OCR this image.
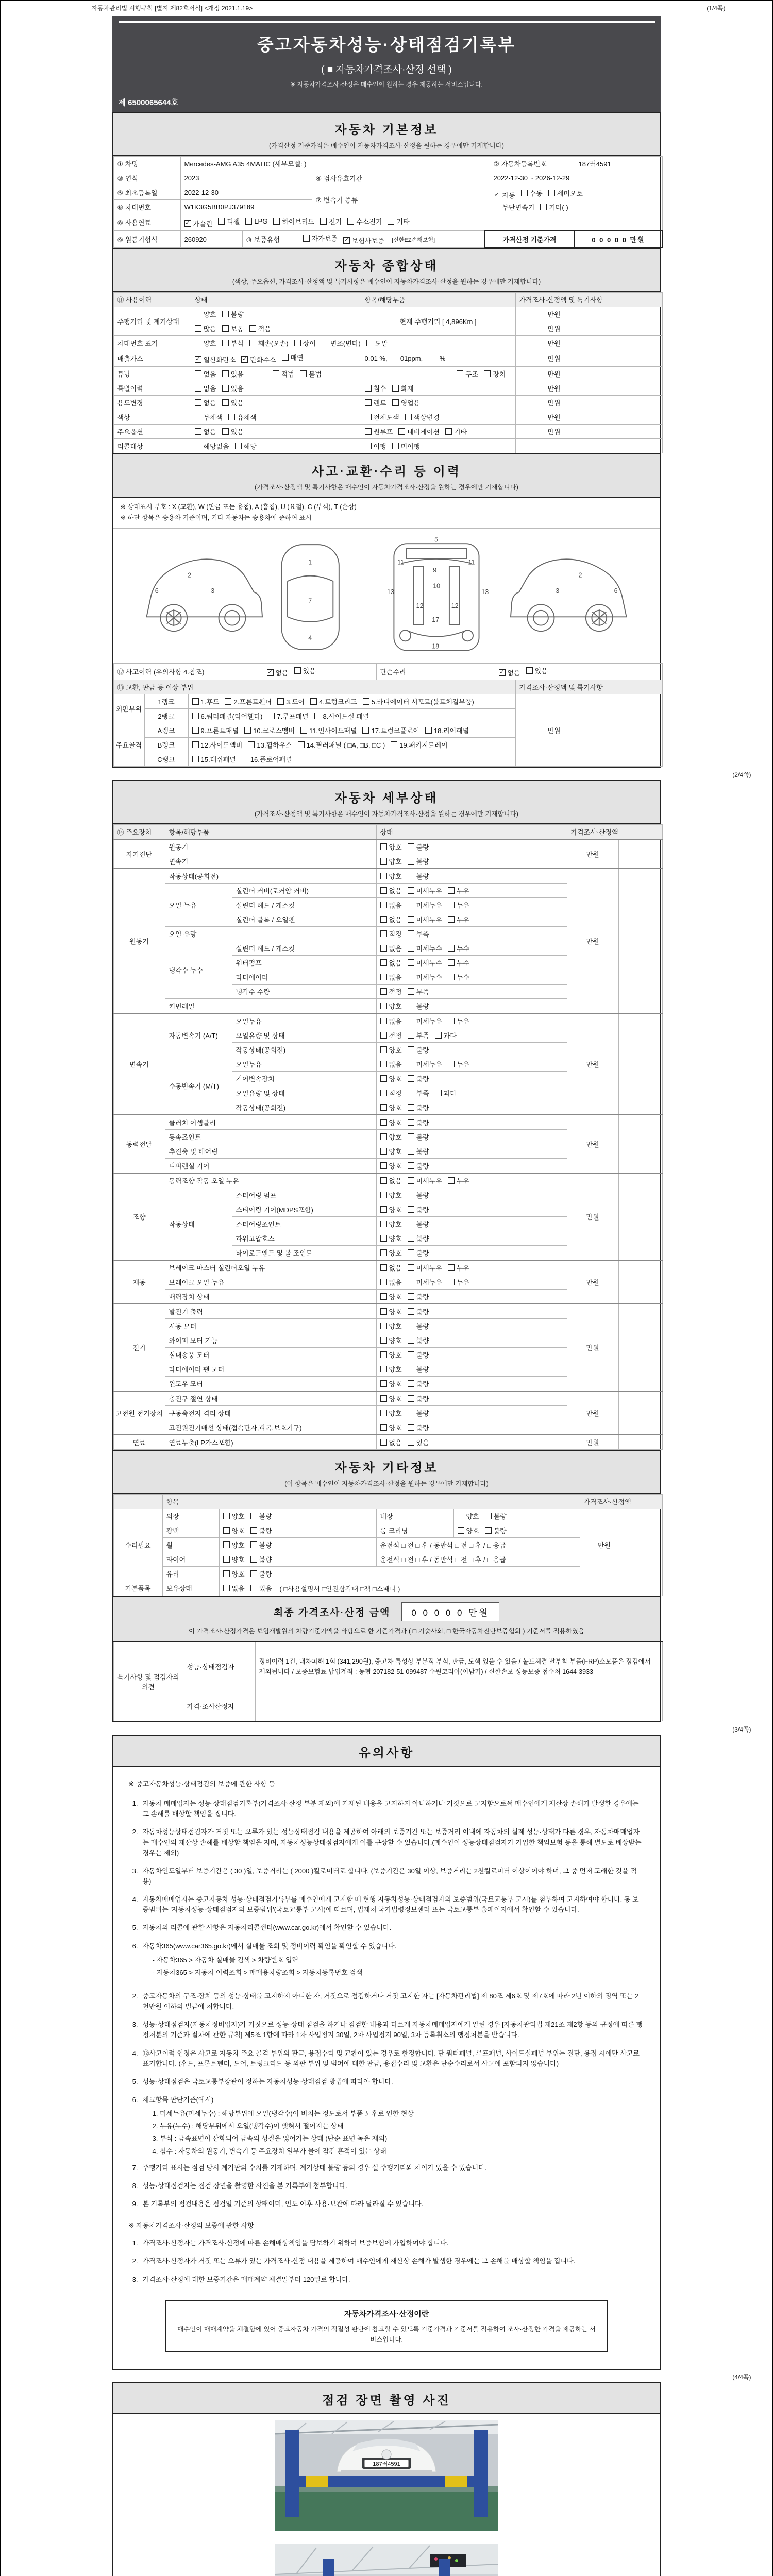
자동차관리법 시행규칙 [별지 제82호서식] <개정 2021.1.19>	(1/4쪽)
중고자동차성능·상태점검기록부
( ■ 자동차가격조사·산정 선택 )
※ 자동차가격조사·산정은 매수인이 원하는 경우 제공하는 서비스입니다.
제 6500065644호
자동차 기본정보
(가격산정 기준가격은 매수인이 자동차가격조사·산정을 원하는 경우에만 기재합니다)
① 차명	Mercedes-AMG A35 4MATIC (세부모델: )		② 자동차등록번호	187러4591
③ 연식	2023	④ 검사유효기간	2022-12-30 ~ 2026-12-29	
⑤ 최초등록일	2022-12-30	⑦ 변속기 종류	
✓ 자동 수동 세미오토
무단변속기 기타( )

⑥ 차대번호	W1K3G5BB0PJ379189			
⑧ 사용연료	✓ 가솔린 디젤 LPG 하이브리드 전기 수소전기 기타
⑨ 원동기형식	260920	⑩ 보증유형	자가보증 ✓ 보험사보증 [신한EZ손해보험]	가격산정 기준가격	0 0 0 0 0 만원
자동차 종합상태
(색상, 주요옵션, 가격조사·산정액 및 특기사항은 매수인이 자동차가격조사·산정을 원하는 경우에만 기재합니다)
⑪ 사용이력	상태	항목/해당부품	가격조사·산정액 및 특기사항	
주행거리 및 계기상태	양호 불량	현재 주행거리 [ 4,896Km ]	만원	

	많음 보통 적음		만원	
차대번호 표기	양호 부식 훼손(오손) 상이 변조(변타) 도말	만원	
배출가스	✓ 일산화탄소 ✓ 탄화수소 매연	0.01 %,       01ppm,         %	만원	
튜닝	없음 있음 적법 불법	구조 장치	만원	
특별이력	없음 있음	침수 화재	만원	
용도변경	없음 있음	렌트 영업용	만원	
색상	무채색 유채색	전체도색 색상변경	만원	
주요옵션	없음 있음	썬루프 네비게이션 기타	만원	
리콜대상	해당없음 해당	이행 미이행		

사고·교환·수리 등 이력
(가격조사·산정액 및 특기사항은 매수인이 자동차가격조사·산정을 원하는 경우에만 기재합니다)
※ 상태표시 부호 : X (교환), W (판금 또는 용접), A (흠집), U (요철), C (부식), T (손상)
※ 하단 항목은 승용차 기준이며, 기타 자동차는 승용차에 준하여 표시
2
3
6
1
7
4
5
11	11
13	13
12	12
9
10
17
18
2
3	6
⑫ 사고이력 (유의사항 4.참조)	✓ 없음 있음	단순수리	✓ 없음 있음
⑬ 교환, 판금 등 이상 부위			가격조사·산정액 및 특기사항	
외판부위	1랭크	1.후드 2.프론트휀더 3.도어 4.트렁크리드 5.라디에이터 서포트(볼트체결부품)	만원	
	2랭크	6.쿼터패널(리어휀다) 7.루프패널 8.사이드실 패널		

주요골격	A랭크	9.프론트패널 10.크로스멤버 11.인사이드패널 17.트렁크플로어 18.리어패널		

	B랭크	12.사이드멤버 13.휠하우스 14.필러패널 ( □A, □B, □C ) 19.패키지트레이		

	C랭크	15.대쉬패널 16.플로어패널		
(2/4쪽)
자동차 세부상태
(가격조사·산정액 및 특기사항은 매수인이 자동차가격조사·산정을 원하는 경우에만 기재합니다)
⑭ 주요장치	항목/해당부품		상태	가격조사·산정액	
자기진단	원동기		양호 불량	만원	
	변속기		양호 불량		

원동기	작동상태(공회전)		양호 불량	만원	
	오일 누유	실린더 커버(로커암 커버)	없음 미세누유 누유		

		실린더 헤드 / 개스킷	없음 미세누유 누유		

		실린더 블록 / 오일팬	없음 미세누유 누유		

	오일 유량		적정 부족		

	냉각수 누수	실린더 헤드 / 개스킷	없음 미세누수 누수		

		워터펌프	없음 미세누수 누수		

		라디에이터	없음 미세누수 누수		

		냉각수 수량	적정 부족		

	커먼레일		양호 불량		

변속기	자동변속기 (A/T)	오일누유	없음 미세누유 누유	만원	
		오일유량 및 상태	적정 부족 과다		

		작동상태(공회전)	양호 불량		

	수동변속기 (M/T)	오일누유	없음 미세누유 누유		

		기어변속장치	양호 불량		

		오일유량 및 상태	적정 부족 과다		

		작동상태(공회전)	양호 불량		

동력전달	클러치 어셈블리		양호 불량	만원	
	등속죠인트		양호 불량		

	추진축 및 베어링		양호 불량		

	디퍼렌셜 기어		양호 불량		

조향	동력조향 작동 오일 누유		없음 미세누유 누유	만원	
	작동상태	스티어링 펌프	양호 불량		

		스티어링 기어(MDPS포함)	양호 불량		

		스티어링조인트	양호 불량		

		파워고압호스	양호 불량		

		타이로드엔드 및 볼 조인트	양호 불량		

제동	브레이크 마스터 실린더오일 누유		없음 미세누유 누유	만원	
	브레이크 오일 누유		없음 미세누유 누유		

	배력장치 상태		양호 불량		

전기	발전기 출력		양호 불량	만원	
	시동 모터		양호 불량		

	와이퍼 모터 기능		양호 불량		

	실내송풍 모터		양호 불량		

	라디에이터 팬 모터		양호 불량		

	윈도우 모터		양호 불량		

고전원 전기장치	충전구 절연 상태		양호 불량	만원	
	구동축전지 격리 상태		양호 불량		

	고전원전기배선 상태(접속단자,피복,보호기구)		양호 불량		

연료	연료누출(LP가스포함)		없음 있음	만원	
자동차 기타정보
(이 항목은 매수인이 자동차가격조사·산정을 원하는 경우에만 기재합니다)
	항목				가격조사·산정액	
수리필요	외장	양호 불량	내장	양호 불량	만원	
	광택	양호 불량	룸 크리닝	양호 불량		

	휠	양호 불량	운전석 □ 전 □ 후 / 동반석 □ 전 □ 후 / □ 응급			
	타이어	양호 불량	운전석 □ 전 □ 후 / 동반석 □ 전 □ 후 / □ 응급			
	유리	양호 불량				

기본품목	보유상태	없음 있음 ( □사용설명서 □안전삼각대 □잭 □스패너 )				
최종 가격조사·산정 금액	0 0 0 0 0 만원
이 가격조사·산정가격은 보험개발원의 차량기준가액을 바탕으로 한 기준가격과 ( □ 기술사회, □ 한국자동차진단보증협회 ) 기준서를 적용하였음
특기사항 및 점검자의 의견	성능·상태점검자	정비이력 1건, 내차피해 1회 (341,290원), 중고차 특성상 부분적 부식, 판금, 도색 있을 수 있음 / 볼트체결 탈부착 부품(FRP)소모품은 점검에서 제외됩니다 / 보증보험료 납입계좌 : 농협 207182-51-099487 수원코리아(이남기) / 신한손보 성능보증 접수처 1644-3933
	가격·조사산정자	
(3/4쪽)
유의사항
※ 중고자동차성능·상태점검의 보증에 관한 사항 등
1. 자동차 매매업자는 성능·상태점검기록부(가격조사·산정 부분 제외)에 기재된 내용을 고지하지 아니하거나 거짓으로 고지함으로써 매수인에게 재산상 손해가 발생한 경우에는 그 손해를 배상할 책임을 집니다.
2. 자동차성능상태점검자가 거짓 또는 오류가 있는 성능상태점검 내용을 제공하여 아래의 보증기간 또는 보증거리 이내에 자동차의 실제 성능·상태가 다른 경우, 자동차매매업자는 매수인의 재산상 손해를 배상할 책임을 지며, 자동차성능상태점검자에게 이를 구상할 수 있습니다.(매수인이 성능상태점검자가 가입한 책임보험 등을 통해 별도로 배상받는 경우는 제외)
3. 자동차인도일부터 보증기간은 ( 30 )일, 보증거리는 ( 2000 )킬로미터로 합니다. (보증기간은 30일 이상, 보증거리는 2천킬로미터 이상이어야 하며, 그 중 먼저 도래한 것을 적용)
4. 자동차매매업자는 중고자동차 성능·상태점검기록부를 매수인에게 고지할 때 현행 자동차성능·상태점검자의 보증범위(국토교통부 고시)를 첨부하여 고지하여야 합니다. 동 보증범위는 '자동차성능·상태점검자의 보증범위'(국토교통부 고시)에 따르며, 법제처 국가법령정보센터 또는 국토교통부 홈페이지에서 확인할 수 있습니다.
5. 자동차의 리콜에 관한 사항은 자동차리콜센터(www.car.go.kr)에서 확인할 수 있습니다.
6. 자동차365(www.car365.go.kr)에서 실매물 조회 및 정비이력 확인을 확인할 수 있습니다.
- 자동차365 > 자동차 실매물 검색 > 차량번호 입력
- 자동차365 > 자동차 이력조회 > 매매용차량조회 > 자동차등록번호 검색
2. 중고자동차의 구조·장치 등의 성능·상태를 고지하지 아니한 자, 거짓으로 점검하거나 거짓 고지한 자는 [자동차관리법] 제 80조 제6호 및 제7호에 따라 2년 이하의 징역 또는 2천만원 이하의 벌금에 처합니다.
3. 성능·상태점검자(자동차정비업자)가 거짓으로 성능·상태 점검을 하거나 점검한 내용과 다르게 자동차매매업자에게 알린 경우 [자동차관리법 제21조 제2항 등의 규정에 따른 행정처분의 기준과 절차에 관한 규칙] 제5조 1항에 따라 1차 사업정지 30일, 2차 사업정지 90일, 3차 등록취소의 행정처분을 받습니다.
4. ⑫사고이력 인정은 사고로 자동차 주요 골격 부위의 판금, 용접수리 및 교환이 있는 경우로 한정합니다. 단 쿼터패널, 루프패널, 사이드실패널 부위는 절단, 용접 시에만 사고로 표기합니다. (후드, 프론트펜더, 도어, 트렁크리드 등 외판 부위 및 범퍼에 대한 판금, 용접수리 및 교환은 단순수리로서 사고에 포함되지 않습니다)
5. 성능·상태점검은 국토교통부장관이 정하는 자동차성능·상태점검 방법에 따라야 합니다.
6. 체크항목 판단기준(예시)
1. 미세누유(미세누수) : 해당부위에 오일(냉각수)이 비치는 정도로서 부품 노후로 인한 현상
2. 누유(누수) : 해당부위에서 오일(냉각수)이 맺혀서 떨어지는 상태
3. 부식 : 금속표면이 산화되어 금속의 성질을 잃어가는 상태 (단순 표면 녹은 제외)
4. 침수 : 자동차의 원동기, 변속기 등 주요장치 일부가 물에 잠긴 흔적이 있는 상태
7. 주행거리 표시는 점검 당시 계기판의 수치를 기재하며, 계기상태 불량 등의 경우 실 주행거리와 차이가 있을 수 있습니다.
8. 성능·상태점검자는 점검 장면을 촬영한 사진을 본 기록부에 첨부합니다.
9. 본 기록부의 점검내용은 점검일 기준의 상태이며, 인도 이후 사용·보관에 따라 달라질 수 있습니다.
※ 자동차가격조사·산정의 보증에 관한 사항
1. 가격조사·산정자는 가격조사·산정에 따른 손해배상책임을 담보하기 위하여 보증보험에 가입하여야 합니다.
2. 가격조사·산정자가 거짓 또는 오류가 있는 가격조사·산정 내용을 제공하여 매수인에게 재산상 손해가 발생한 경우에는 그 손해를 배상할 책임을 집니다.
3. 가격조사·산정에 대한 보증기간은 매매계약 체결일부터 120일로 합니다.
자동차가격조사·산정이란
매수인이 매매계약을 체결함에 있어 중고자동차 가격의 적절성 판단에 참고할 수 있도록 기준가격과 기준서를 적용하여 조사·산정한 가격을 제공하는 서비스입니다.
(4/4쪽)
점검 장면 촬영 사진
187러4591
